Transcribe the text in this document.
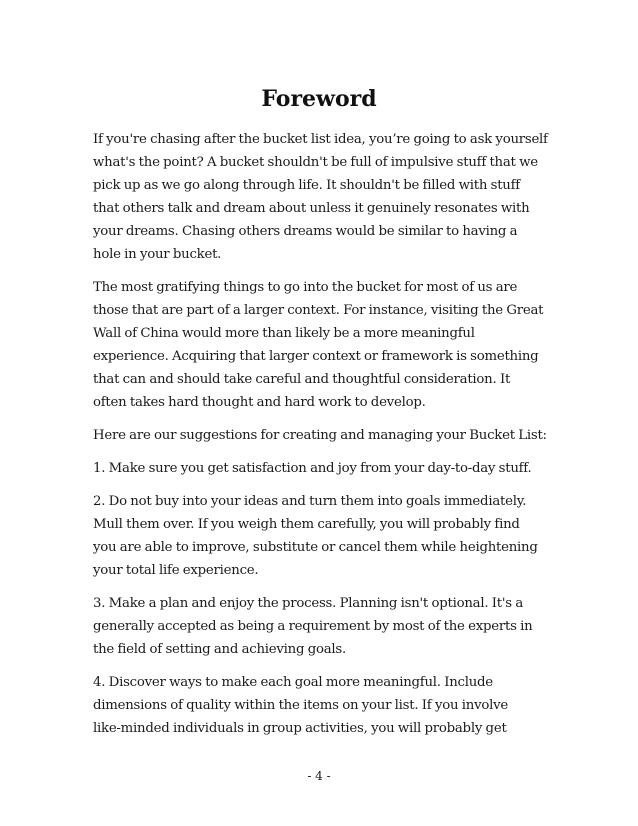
Foreword

If you're chasing after the bucket list idea, you’re going to ask yourself
what's the point? A bucket shouldn't be full of impulsive stuff that we
pick up as we go along through life. It shouldn't be filled with stuff
that others talk and dream about unless it genuinely resonates with
your dreams. Chasing others dreams would be similar to having a
hole in your bucket.

The most gratifying things to go into the bucket for most of us are
those that are part of a larger context. For instance, visiting the Great
Wall of China would more than likely be a more meaningful
experience. Acquiring that larger context or framework is something
that can and should take careful and thoughtful consideration. It
often takes hard thought and hard work to develop.

Here are our suggestions for creating and managing your Bucket List:

1. Make sure you get satisfaction and joy from your day-to-day stuff.

2. Do not buy into your ideas and turn them into goals immediately.
Mull them over. If you weigh them carefully, you will probably find
you are able to improve, substitute or cancel them while heightening
your total life experience.

3. Make a plan and enjoy the process. Planning isn't optional. It's a
generally accepted as being a requirement by most of the experts in
the field of setting and achieving goals.

4. Discover ways to make each goal more meaningful. Include
dimensions of quality within the items on your list. If you involve
like-minded individuals in group activities, you will probably get

- 4 -
